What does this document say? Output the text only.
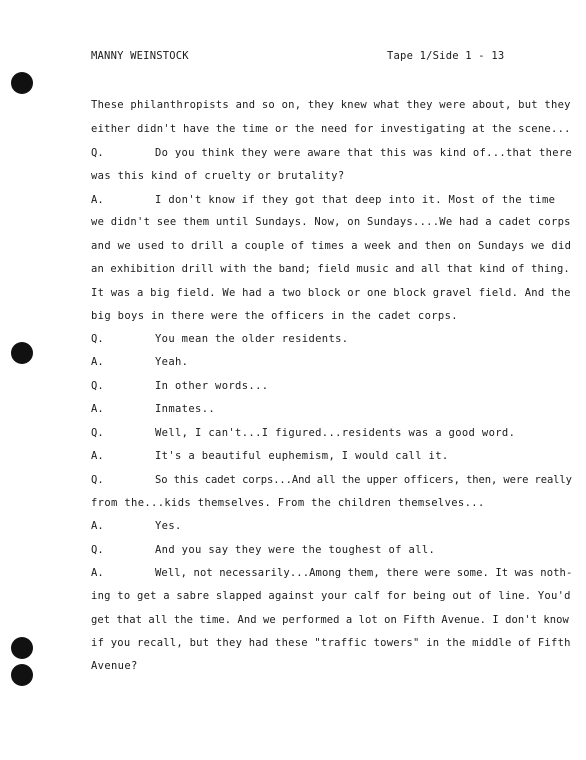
MANNY WEINSTOCK	Tape 1/Side 1 - 13
These philanthropists and so on, they knew what they were about, but they
either didn't have the time or the need for investigating at the scene...
Q.	Do you think they were aware that this was kind of...that there
was this kind of cruelty or brutality?
A.	I don't know if they got that deep into it. Most of the time
we didn't see them until Sundays. Now, on Sundays....We had a cadet corps
and we used to drill a couple of times a week and then on Sundays we did
an exhibition drill with the band; field music and all that kind of thing.
It was a big field. We had a two block or one block gravel field. And the
big boys in there were the officers in the cadet corps.
Q.	You mean the older residents.
A.	Yeah.
Q.	In other words...
A.	Inmates..
Q.	Well, I can't...I figured...residents was a good word.
A.	It's a beautiful euphemism, I would call it.
Q.	So this cadet corps...And all the upper officers, then, were really
from the...kids themselves. From the children themselves...
A.	Yes.
Q.	And you say they were the toughest of all.
A.	Well, not necessarily...Among them, there were some. It was noth-
ing to get a sabre slapped against your calf for being out of line. You'd
get that all the time. And we performed a lot on Fifth Avenue. I don't know
if you recall, but they had these "traffic towers" in the middle of Fifth
Avenue?
